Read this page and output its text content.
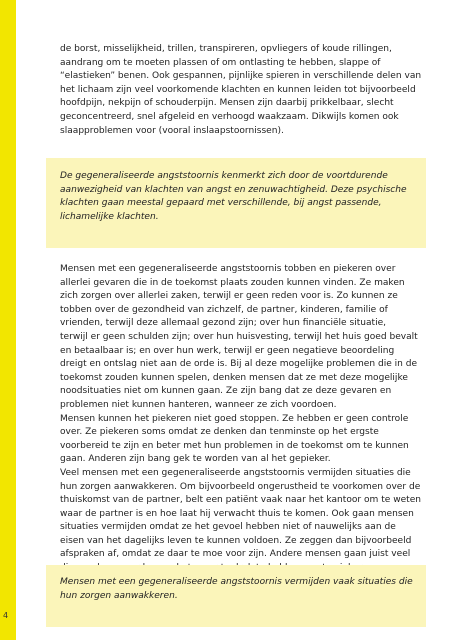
4
de borst, misselijkheid, trillen, transpireren, opvliegers of koude rillingen,
aandrang om te moeten plassen of om ontlasting te hebben, slappe of
“elastieken” benen. Ook gespannen, pijnlijke spieren in verschillende delen van
het lichaam zijn veel voorkomende klachten en kunnen leiden tot bijvoorbeeld
hoofdpijn, nekpijn of schouderpijn. Mensen zijn daarbij prikkelbaar, slecht
geconcentreerd, snel afgeleid en verhoogd waakzaam. Dikwijls komen ook
slaapproblemen voor (vooral inslaapstoornissen).
De gegeneraliseerde angststoornis kenmerkt zich door de voortdurende
aanwezigheid van klachten van angst en zenuwachtigheid. Deze psychische
klachten gaan meestal gepaard met verschillende, bij angst passende,
lichamelijke klachten.
Mensen met een gegeneraliseerde angststoornis tobben en piekeren over
allerlei gevaren die in de toekomst plaats zouden kunnen vinden. Ze maken
zich zorgen over allerlei zaken, terwijl er geen reden voor is. Zo kunnen ze
tobben over de gezondheid van zichzelf, de partner, kinderen, familie of
vrienden, terwijl deze allemaal gezond zijn; over hun financiële situatie,
terwijl er geen schulden zijn; over hun huisvesting, terwijl het huis goed bevalt
en betaalbaar is; en over hun werk, terwijl er geen negatieve beoordeling
dreigt en ontslag niet aan de orde is. Bij al deze mogelijke problemen die in de
toekomst zouden kunnen spelen, denken mensen dat ze met deze mogelijke
noodsituaties niet om kunnen gaan. Ze zijn bang dat ze deze gevaren en
problemen niet kunnen hanteren, wanneer ze zich voordoen.
Mensen kunnen het piekeren niet goed stoppen. Ze hebben er geen controle
over. Ze piekeren soms omdat ze denken dan tenminste op het ergste
voorbereid te zijn en beter met hun problemen in de toekomst om te kunnen
gaan. Anderen zijn bang gek te worden van al het gepieker.
Veel mensen met een gegeneraliseerde angststoornis vermijden situaties die
hun zorgen aanwakkeren. Om bijvoorbeeld ongerustheid te voorkomen over de
thuiskomst van de partner, belt een patiënt vaak naar het kantoor om te weten
waar de partner is en hoe laat hij verwacht thuis te komen. Ook gaan mensen
situaties vermijden omdat ze het gevoel hebben niet of nauwelijks aan de
eisen van het dagelijks leven te kunnen voldoen. Ze zeggen dan bijvoorbeeld
afspraken af, omdat ze daar te moe voor zijn. Andere mensen gaan juist veel
Mensen met een gegeneraliseerde angststoornis vermijden vaak situaties die
hun zorgen aanwakkeren.
